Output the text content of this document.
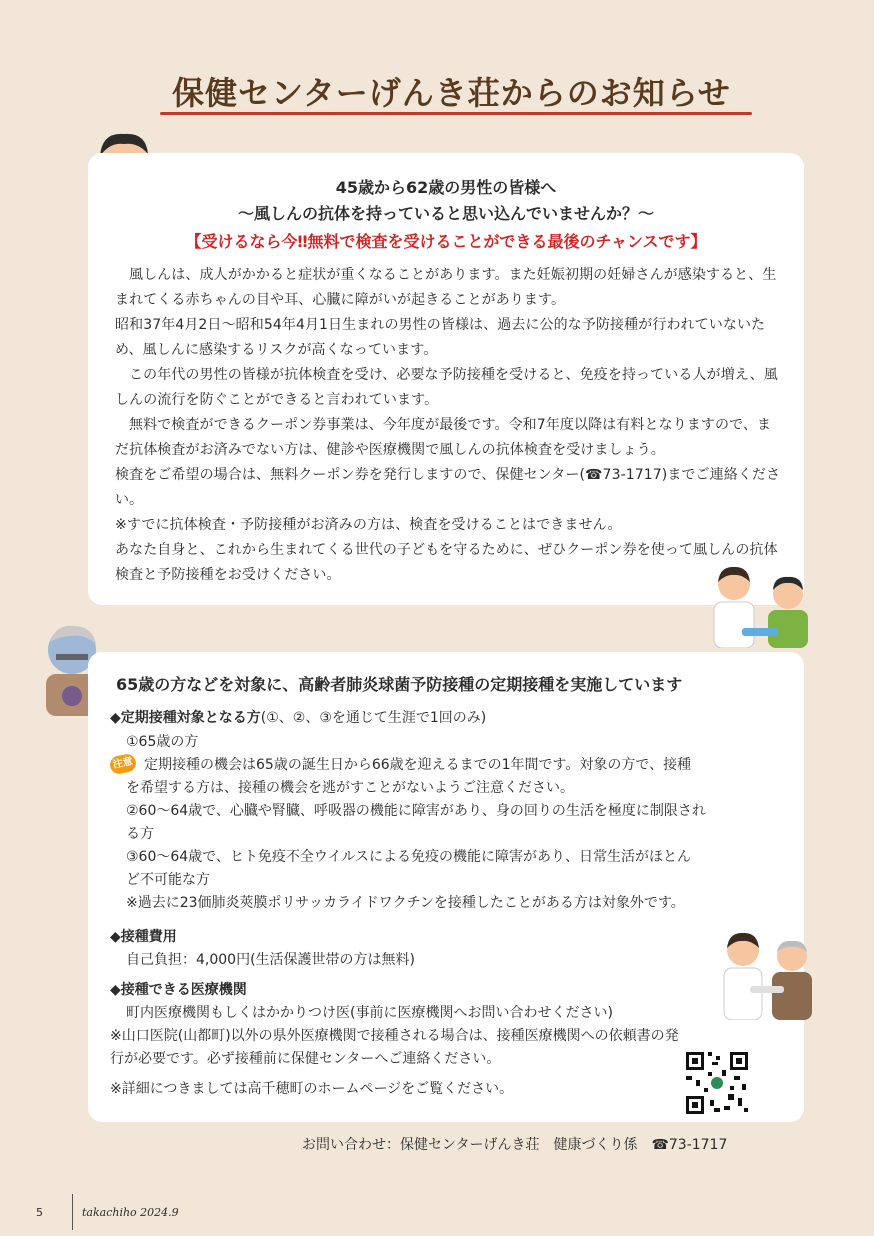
保健センターげんき荘からのお知らせ
45歳から62歳の男性の皆様へ
～風しんの抗体を持っていると思い込んでいませんか？～
【受けるなら今‼無料で検査を受けることができる最後のチャンスです】
風しんは、成人がかかると症状が重くなることがあります。また妊娠初期の妊婦さんが感染すると、生まれてくる赤ちゃんの目や耳、心臓に障がいが起きることがあります。
昭和37年4月2日～昭和54年4月1日生まれの男性の皆様は、過去に公的な予防接種が行われていないため、風しんに感染するリスクが高くなっています。
この年代の男性の皆様が抗体検査を受け、必要な予防接種を受けると、免疫を持っている人が増え、風しんの流行を防ぐことができると言われています。
無料で検査ができるクーポン券事業は、今年度が最後です。令和7年度以降は有料となりますので、まだ抗体検査がお済みでない方は、健診や医療機関で風しんの抗体検査を受けましょう。
検査をご希望の場合は、無料クーポン券を発行しますので、保健センター(☎73-1717)までご連絡ください。
※すでに抗体検査・予防接種がお済みの方は、検査を受けることはできません。
あなた自身と、これから生まれてくる世代の子どもを守るために、ぜひクーポン券を使って風しんの抗体検査と予防接種をお受けください。
65歳の方などを対象に、高齢者肺炎球菌予防接種の定期接種を実施しています
◆定期接種対象となる方(①、②、③を通じて生涯で1回のみ)
①65歳の方
注意 定期接種の機会は65歳の誕生日から66歳を迎えるまでの1年間です。対象の方で、接種
を希望する方は、接種の機会を逃がすことがないようご注意ください。
②60～64歳で、心臓や腎臓、呼吸器の機能に障害があり、身の回りの生活を極度に制限され
る方
③60～64歳で、ヒト免疫不全ウイルスによる免疫の機能に障害があり、日常生活がほとん
ど不可能な方
※過去に23価肺炎莢膜ポリサッカライドワクチンを接種したことがある方は対象外です。
◆接種費用
自己負担：4,000円(生活保護世帯の方は無料)
◆接種できる医療機関
町内医療機関もしくはかかりつけ医(事前に医療機関へお問い合わせください)
※山口医院(山都町)以外の県外医療機関で接種される場合は、接種医療機関への依頼書の発
行が必要です。必ず接種前に保健センターへご連絡ください。
※詳細につきましては高千穂町のホームページをご覧ください。
お問い合わせ：保健センターげんき荘　健康づくり係　☎73-1717
5	takachiho 2024.9
